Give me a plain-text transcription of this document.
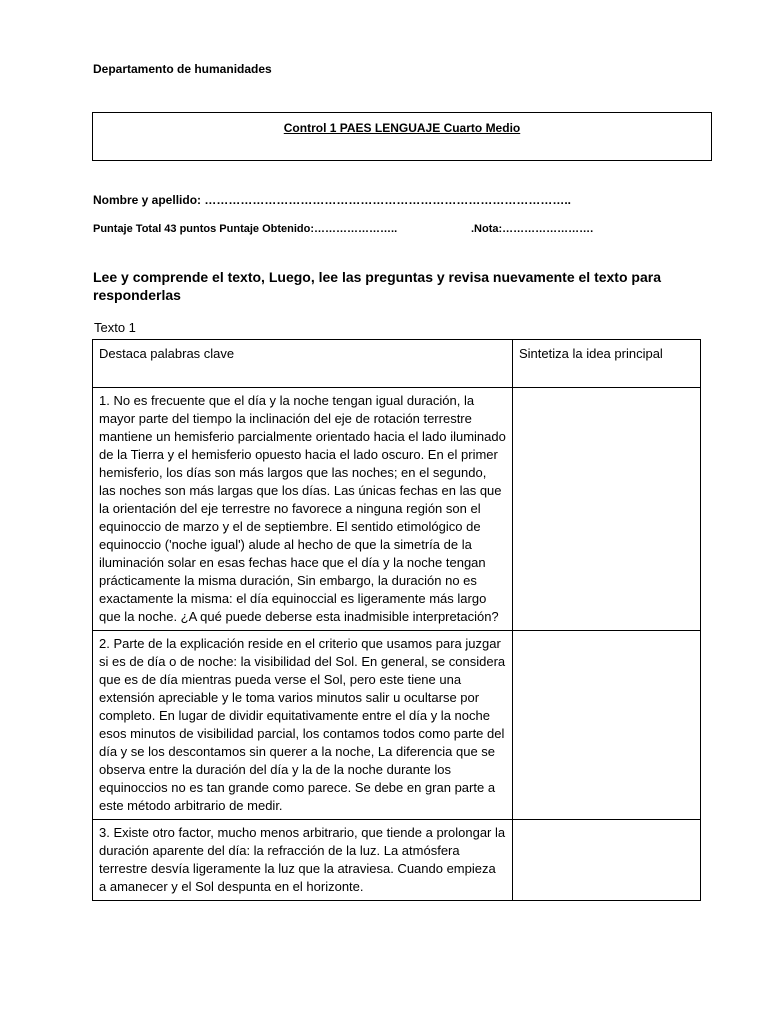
Departamento de humanidades
Control 1 PAES LENGUAJE Cuarto Medio
Nombre y apellido: ………………………………………………………………………………..
Puntaje Total 43 puntos Puntaje Obtenido:…………………..	.Nota:…………………….
Lee y comprende el texto, Luego, lee las preguntas y revisa nuevamente el texto para responderlas
Texto 1
Destaca palabras clave	Sintetiza la idea principal
1. No es frecuente que el día y la noche tengan igual duración, la mayor parte del tiempo la inclinación del eje de rotación terrestre mantiene un hemisferio parcialmente orientado hacia el lado iluminado de la Tierra y el hemisferio opuesto hacia el lado oscuro. En el primer hemisferio, los días son más largos que las noches; en el segundo, las noches son más largas que los días. Las únicas fechas en las que la orientación del eje terrestre no favorece a ninguna región son el equinoccio de marzo y el de septiembre. El sentido etimológico de equinoccio ('noche igual') alude al hecho de que la simetría de la iluminación solar en esas fechas hace que el día y la noche tengan prácticamente la misma duración, Sin embargo, la duración no es exactamente la misma: el día equinoccial es ligeramente más largo que la noche. ¿A qué puede deberse esta inadmisible interpretación?	
2. Parte de la explicación reside en el criterio que usamos para juzgar si es de día o de noche: la visibilidad del Sol. En general, se considera que es de día mientras pueda verse el Sol, pero este tiene una extensión apreciable y le toma varios minutos salir u ocultarse por completo. En lugar de dividir equitativamente entre el día y la noche esos minutos de visibilidad parcial, los contamos todos como parte del día y se los descontamos sin querer a la noche, La diferencia que se observa entre la duración del día y la de la noche durante los equinoccios no es tan grande como parece. Se debe en gran parte a este método arbitrario de medir.	
3. Existe otro factor, mucho menos arbitrario, que tiende a prolongar la duración aparente del día: la refracción de la luz. La atmósfera terrestre desvía ligeramente la luz que la atraviesa. Cuando empieza a amanecer y el Sol despunta en el horizonte.	
